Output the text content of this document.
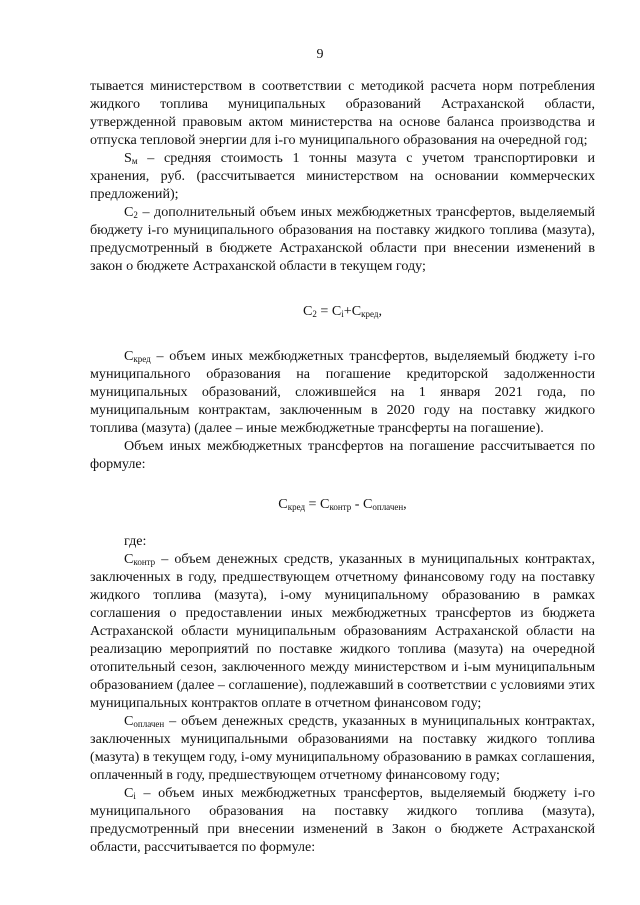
9

тывается министерством в соответствии с методикой расчета норм потребления жидкого топлива муниципальных образований Астраханской области, утвержденной правовым актом министерства на основе баланса производства и отпуска тепловой энергии для i-го муниципального образования на очередной год;

$S_м$ – средняя стоимость 1 тонны мазута с учетом транспортировки и хранения, руб. (рассчитывается министерством на основании коммерческих предложений);

$C_2$ – дополнительный объем иных межбюджетных трансфертов, выделяемый бюджету i-го муниципального образования на поставку жидкого топлива (мазута), предусмотренный в бюджете Астраханской области при внесении изменений в закон о бюджете Астраханской области в текущем году;

$C_2 = C_i+C_{кред}$,

$C_{кред}$ – объем иных межбюджетных трансфертов, выделяемый бюджету i-го муниципального образования на погашение кредиторской задолженности муниципальных образований, сложившейся на 1 января 2021 года, по муниципальным контрактам, заключенным в 2020 году на поставку жидкого топлива (мазута) (далее – иные межбюджетные трансферты на погашение).

Объем иных межбюджетных трансфертов на погашение рассчитывается по формуле:

$C_{кред} = C_{контр} - C_{оплачен}$,

где:

$C_{контр}$ – объем денежных средств, указанных в муниципальных контрактах, заключенных в году, предшествующем отчетному финансовому году на поставку жидкого топлива (мазута), i-ому муниципальному образованию в рамках соглашения о предоставлении иных межбюджетных трансфертов из бюджета Астраханской области муниципальным образованиям Астраханской области на реализацию мероприятий по поставке жидкого топлива (мазута) на очередной отопительный сезон, заключенного между министерством и i-ым муниципальным образованием (далее – соглашение), подлежавший в соответствии с условиями этих муниципальных контрактов оплате в отчетном финансовом году;

$C_{оплачен}$ – объем денежных средств, указанных в муниципальных контрактах, заключенных муниципальными образованиями на поставку жидкого топлива (мазута) в текущем году, i-ому муниципальному образованию в рамках соглашения, оплаченный в году, предшествующем отчетному финансовому году;

$C_i$ – объем иных межбюджетных трансфертов, выделяемый бюджету i-го муниципального образования на поставку жидкого топлива (мазута), предусмотренный при внесении изменений в Закон о бюджете Астраханской области, рассчитывается по формуле:
